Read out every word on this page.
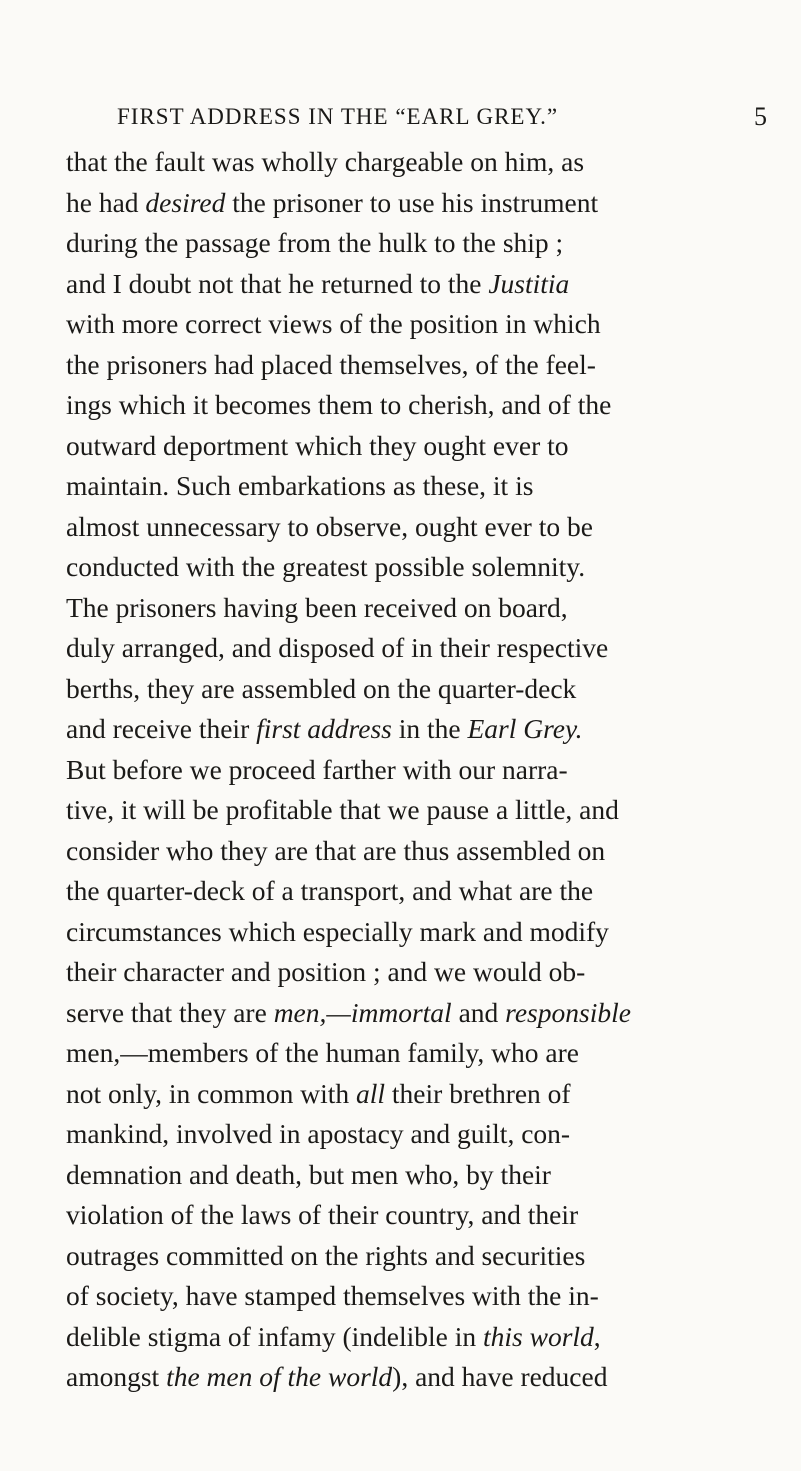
FIRST ADDRESS IN THE “EARL GREY.”	5
that the fault was wholly chargeable on him, as
he had desired the prisoner to use his instrument
during the passage from the hulk to the ship ;
and I doubt not that he returned to the Justitia
with more correct views of the position in which
the prisoners had placed themselves, of the feel-
ings which it becomes them to cherish, and of the
outward deportment which they ought ever to
maintain. Such embarkations as these, it is
almost unnecessary to observe, ought ever to be
conducted with the greatest possible solemnity.
The prisoners having been received on board,
duly arranged, and disposed of in their respective
berths, they are assembled on the quarter-deck
and receive their first address in the Earl Grey.
But before we proceed farther with our narra-
tive, it will be profitable that we pause a little, and
consider who they are that are thus assembled on
the quarter-deck of a transport, and what are the
circumstances which especially mark and modify
their character and position ; and we would ob-
serve that they are men,—immortal and responsible
men,—members of the human family, who are
not only, in common with all their brethren of
mankind, involved in apostacy and guilt, con-
demnation and death, but men who, by their
violation of the laws of their country, and their
outrages committed on the rights and securities
of society, have stamped themselves with the in-
delible stigma of infamy (indelible in this world,
amongst the men of the world), and have reduced
